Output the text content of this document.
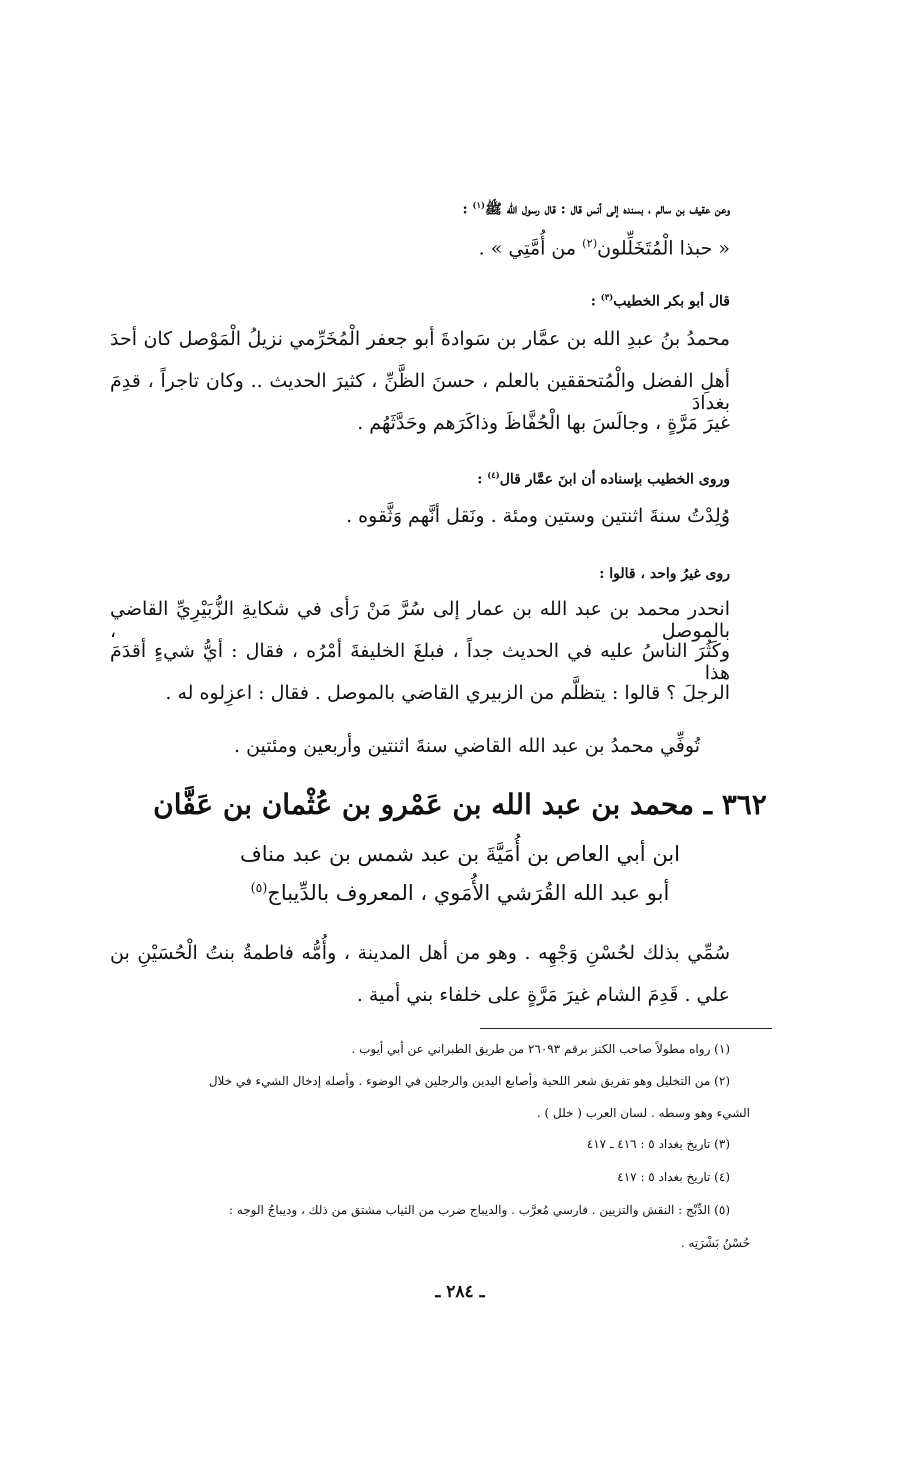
وعن عقيف بن سالم ، بسنده إلى أنس قال : قال رسول الله ﷺ$^{(١)}$ :
« حبذا الْمُتَخَلِّلون$^{(٢)}$ من أُمَّتِي » .
قال أبو بكر الخطيب$^{(٣)}$ :
محمدُ بنُ عبدِ الله بن عمَّار بن سَوادةَ أبو جعفر الْمُخَرِّمي نزيلُ الْمَوْصل كان أحدَ
أهلِ الفضل والْمُتحققين بالعلم ، حسنَ الظَّنِّ ، كثيرَ الحديث .. وكان تاجراً ، قدِمَ بغدادَ
غيرَ مَرَّةٍ ، وجالَسَ بها الْحُفَّاظَ وذاكَرَهم وحَدَّثَهُم .
وروى الخطيب بإسناده أن ابنَ عمَّار قال$^{(٤)}$ :
وُلِدْتُ سنةَ اثنتين وستين ومئة . ونَقل أنَّهم وَثَّقوه .
روى غيرُ واحد ، قالوا :
انحدر محمد بن عبد الله بن عمار إلى سُرَّ مَنْ رَأى في شكايةِ الزُّبَيْرِيِّ القاضي بالموصل ،
وكَثُرَ الناسُ عليه في الحديث جداً ، فبلغَ الخليفةَ أمْرُه ، فقال : أيُّ شيءٍ أقدَمَ هذا
الرجلَ ؟ قالوا : يتظلَّم من الزبيري القاضي بالموصل . فقال : اعزِلوه له .
تُوفِّي محمدُ بن عبد الله القاضي سنةَ اثنتين وأربعين ومئتين .
٣٦٢ ـ محمد بن عبد الله بن عَمْرو بن عُثْمان بن عَفَّان
ابن أبي العاص بن أُمَيَّةَ بن عبد شمس بن عبد مناف
أبو عبد الله القُرَشي الأُمَوي ، المعروف بالدِّيباج$^{(٥)}$
سُمِّي بذلك لحُسْنِ وَجْهِه . وهو من أهل المدينة ، وأُمُّه فاطمةُ بنتُ الْحُسَيْنِ بن
علي . قَدِمَ الشام غيرَ مَرَّةٍ على خلفاء بني أمية .
(١) رواه مطولاً صاحب الكنز برقم ٢٦٠٩٣ من طريق الطبراني عن أبي أيوب .
(٢) من التخليل وهو تفريق شعر اللحية وأصابع اليدين والرجلين في الوضوء . وأصله إدخال الشيء في خلال
الشيء وهو وسطه . لسان العرب ( خلل ) .
(٣) تاريخ بغداد ٥ : ٤١٦ ـ ٤١٧
(٤) تاريخ بغداد ٥ : ٤١٧
(٥) الدِّبْج : النقش والتزيين . فارسي مُعرَّب . والديباج ضرب من الثياب مشتق من ذلك ، وديباجُ الوجه :
حُسْنُ بَشْرَتِه .
ـ ٢٨٤ ـ
